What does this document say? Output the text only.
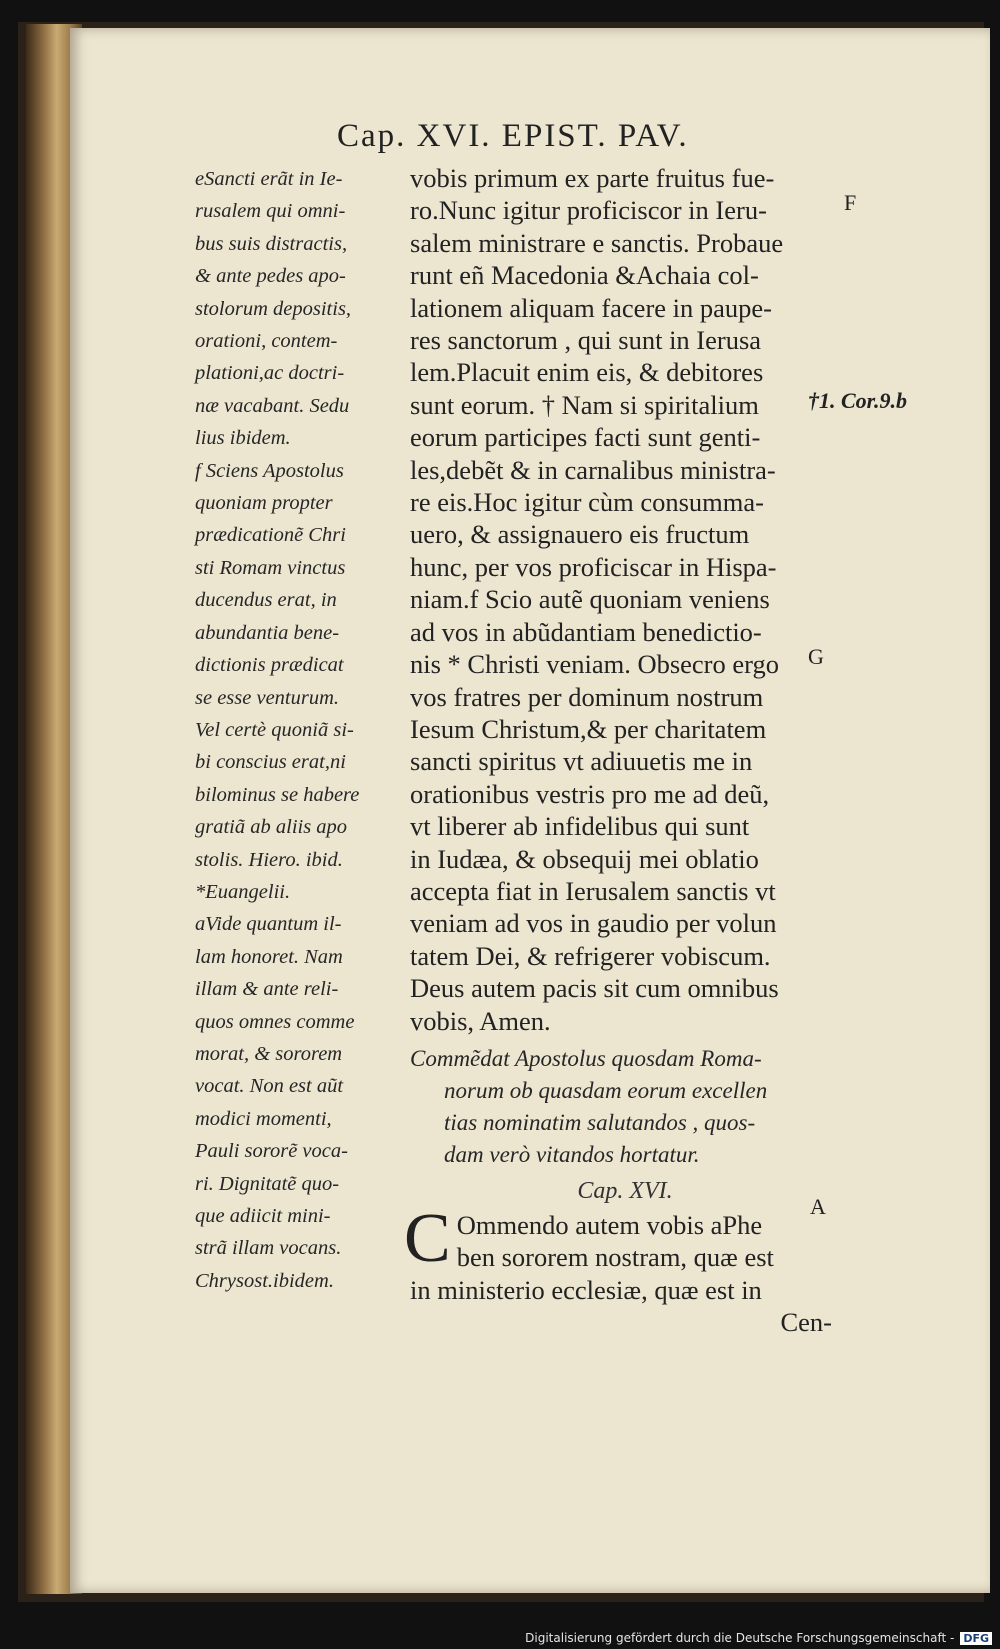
Cap. XVI. EPIST. PAV.
eSancti erãt in Ie-
rusalem qui omni-
bus suis distractis,
& ante pedes apo-
stolorum depositis,
orationi, contem-
plationi,ac doctri-
næ vacabant. Sedu
lius ibidem.
f Sciens Apostolus
quoniam propter
prædicationẽ Chri
sti Romam vinctus
ducendus erat, in
abundantia bene-
dictionis prædicat
se esse venturum.
Vel certè quoniã si-
bi conscius erat,ni
bilominus se habere
gratiã ab aliis apo
stolis. Hiero. ibid.
*Euangelii.
aVide quantum il-
lam honoret. Nam
illam & ante reli-
quos omnes comme
morat, & sororem
vocat. Non est aũt
modici momenti,
Pauli sororẽ voca-
ri. Dignitatẽ quo-
que adiicit mini-
strã illam vocans.
Chrysost.ibidem.
vobis primum ex parte fruitus fue-
ro.Nunc igitur proficiscor in Ieru-
salem ministrare e sanctis. Probaue
runt eñ Macedonia &Achaia col-
lationem aliquam facere in paupe-
res sanctorum , qui sunt in Ierusa
lem.Placuit enim eis, & debitores
sunt eorum. † Nam si spiritalium
eorum participes facti sunt genti-
les,debẽt & in carnalibus ministra-
re eis.Hoc igitur cùm consumma-
uero, & assignauero eis fructum
hunc, per vos proficiscar in Hispa-
niam.f Scio autẽ quoniam veniens
ad vos in abũdantiam benedictio-
nis * Christi veniam. Obsecro ergo
vos fratres per dominum nostrum
Iesum Christum,& per charitatem
sancti spiritus vt adiuuetis me in
orationibus vestris pro me ad deũ,
vt liberer ab infidelibus qui sunt
in Iudæa, & obsequij mei oblatio
accepta fiat in Ierusalem sanctis vt
veniam ad vos in gaudio per volun
tatem Dei, & refrigerer vobiscum.
Deus autem pacis sit cum omnibus
vobis, Amen.
Commẽdat Apostolus quosdam Roma-
norum ob quasdam eorum excellen
tias nominatim salutandos , quos-
dam verò vitandos hortatur.
Cap. XVI.
C Ommendo autem vobis aPhe
ben sororem nostram, quæ est
in ministerio ecclesiæ, quæ est in
Cen-
F
G
A
†1. Cor.9.b
Digitalisierung gefördert durch die Deutsche Forschungsgemeinschaft - DFG
